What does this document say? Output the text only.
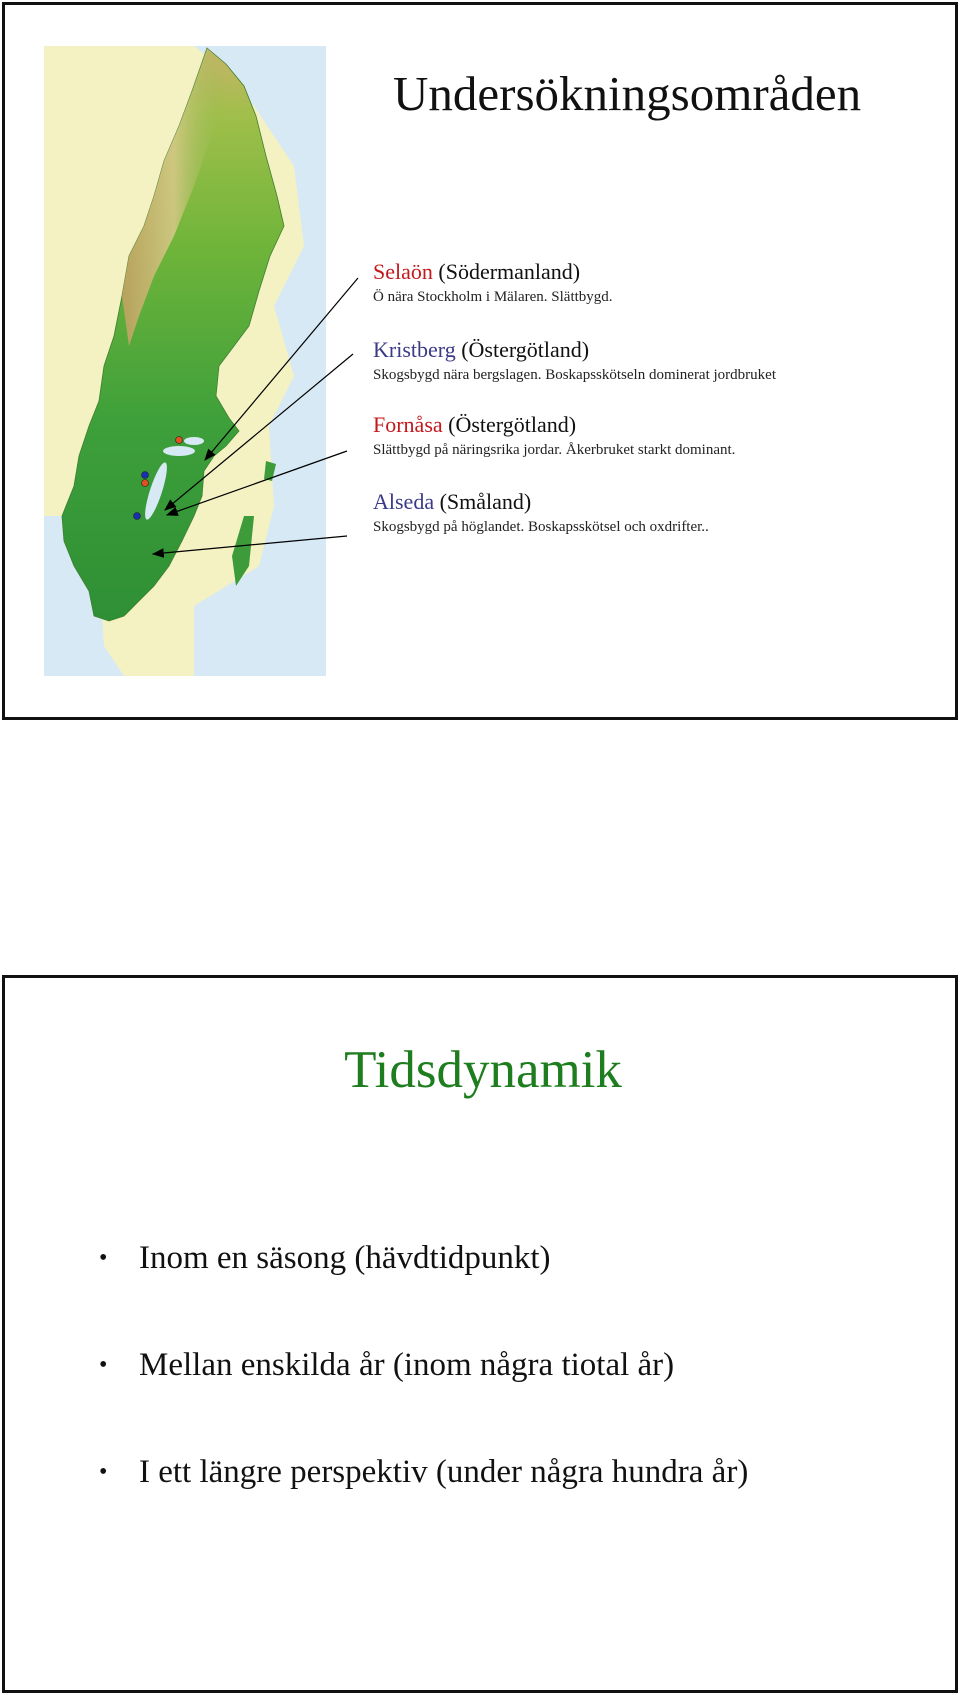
Undersökningsområden
Selaön (Södermanland)
Ö nära Stockholm i Mälaren. Slättbygd.
Kristberg (Östergötland)
Skogsbygd nära bergslagen. Boskapsskötseln dominerat jordbruket
Fornåsa (Östergötland)
Slättbygd på näringsrika jordar. Åkerbruket starkt dominant.
Alseda (Småland)
Skogsbygd på höglandet. Boskapsskötsel och oxdrifter..
Tidsdynamik
• Inom en säsong (hävdtidpunkt)
• Mellan enskilda år (inom några tiotal år)
• I ett längre perspektiv (under några hundra år)
